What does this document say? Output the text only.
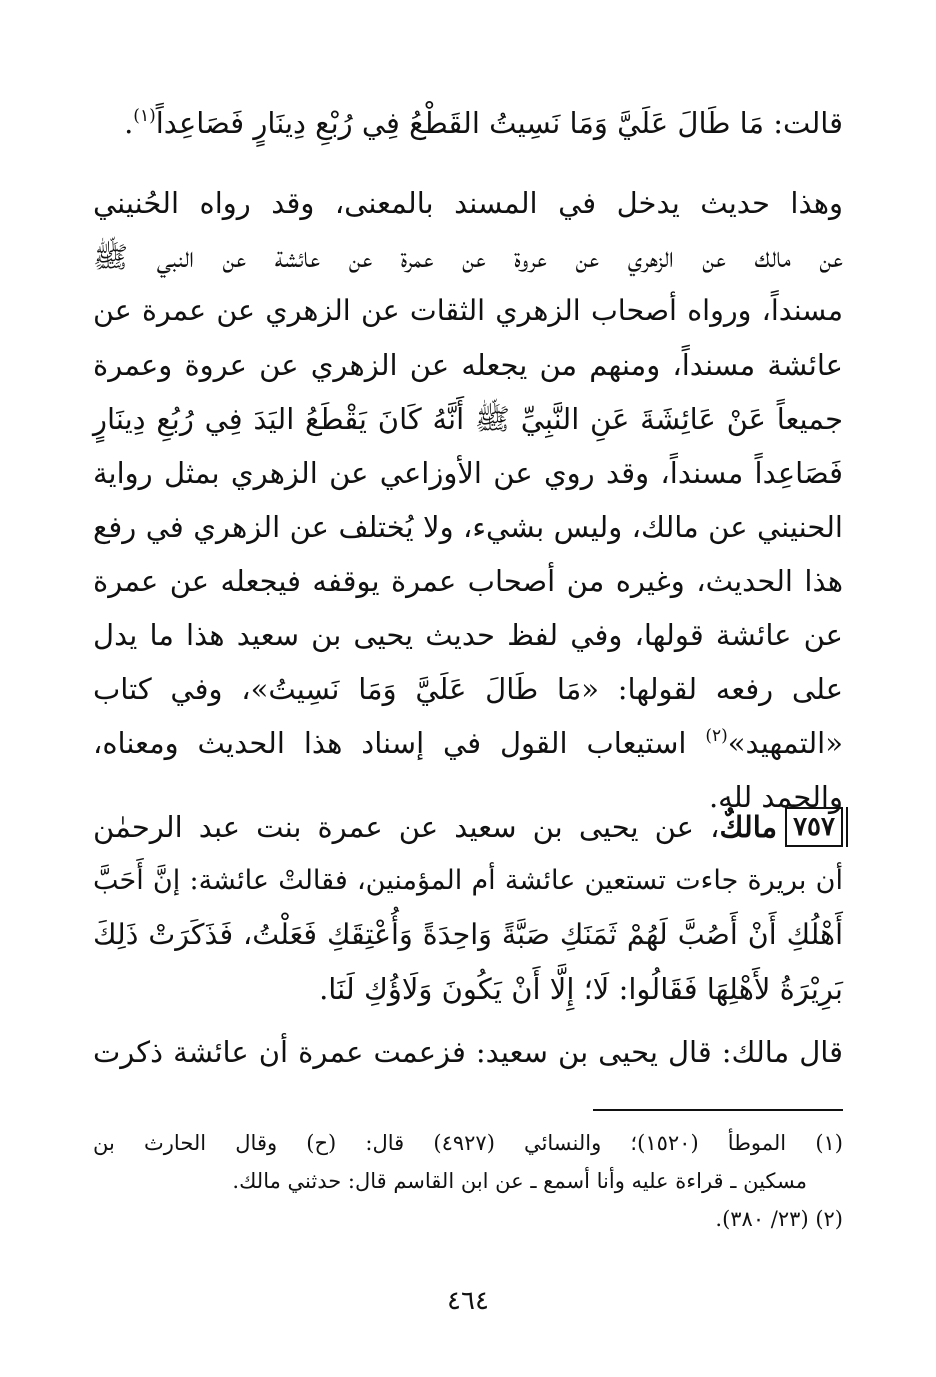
قالت: مَا طَالَ عَلَيَّ وَمَا نَسِيتُ القَطْعُ فِي رُبْعِ دِينَارٍ فَصَاعِداً$^{(١)}$.
وهذا حديث يدخل في المسند بالمعنى، وقد رواه الحُنيني
عن مالك عن الزهري عن عروة عن عمرة عن عائشة عن النبي ﷺ
مسنداً، ورواه أصحاب الزهري الثقات عن الزهري عن عمرة عن
عائشة مسنداً، ومنهم من يجعله عن الزهري عن عروة وعمرة
جميعاً عَنْ عَائِشَةَ عَنِ النَّبِيِّ ﷺ أَنَّهُ كَانَ يَقْطَعُ اليَدَ فِي رُبُعِ دِينَارٍ
فَصَاعِداً مسنداً، وقد روي عن الأوزاعي عن الزهري بمثل رواية
الحنيني عن مالك، وليس بشيء، ولا يُختلف عن الزهري في رفع
هذا الحديث، وغيره من أصحاب عمرة يوقفه فيجعله عن عمرة
عن عائشة قولها، وفي لفظ حديث يحيى بن سعيد هذا ما يدل
على رفعه لقولها: «مَا طَالَ عَلَيَّ وَمَا نَسِيتُ»، وفي كتاب
«التمهيد»$^{(٢)}$ استيعاب القول في إسناد هذا الحديث ومعناه،
والحمد لله.
٧٥٧مالكٌ، عن يحيى بن سعيد عن عمرة بنت عبد الرحمٰن
أن بريرة جاءت تستعين عائشة أم المؤمنين، فقالتْ عائشة: إنَّ أَحَبَّ
أَهْلُكِ أَنْ أَصُبَّ لَهُمْ ثَمَنَكِ صَبَّةً وَاحِدَةً وَأُعْتِقَكِ فَعَلْتُ، فَذَكَرَتْ ذَلِكَ
بَرِيْرَةُ لأَهْلِهَا فَقَالُوا: لَا؛ إِلَّا أَنْ يَكُونَ وَلَاؤُكِ لَنَا.
قال مالك: قال يحيى بن سعيد: فزعمت عمرة أن عائشة ذكرت
(١) الموطأ (١٥٢٠)؛ والنسائي (٤٩٢٧) قال: (ح) وقال الحارث بن
مسكين ـ قراءة عليه وأنا أسمع ـ عن ابن القاسم قال: حدثني مالك.
(٢) (٢٣/ ٣٨٠).
٤٦٤
